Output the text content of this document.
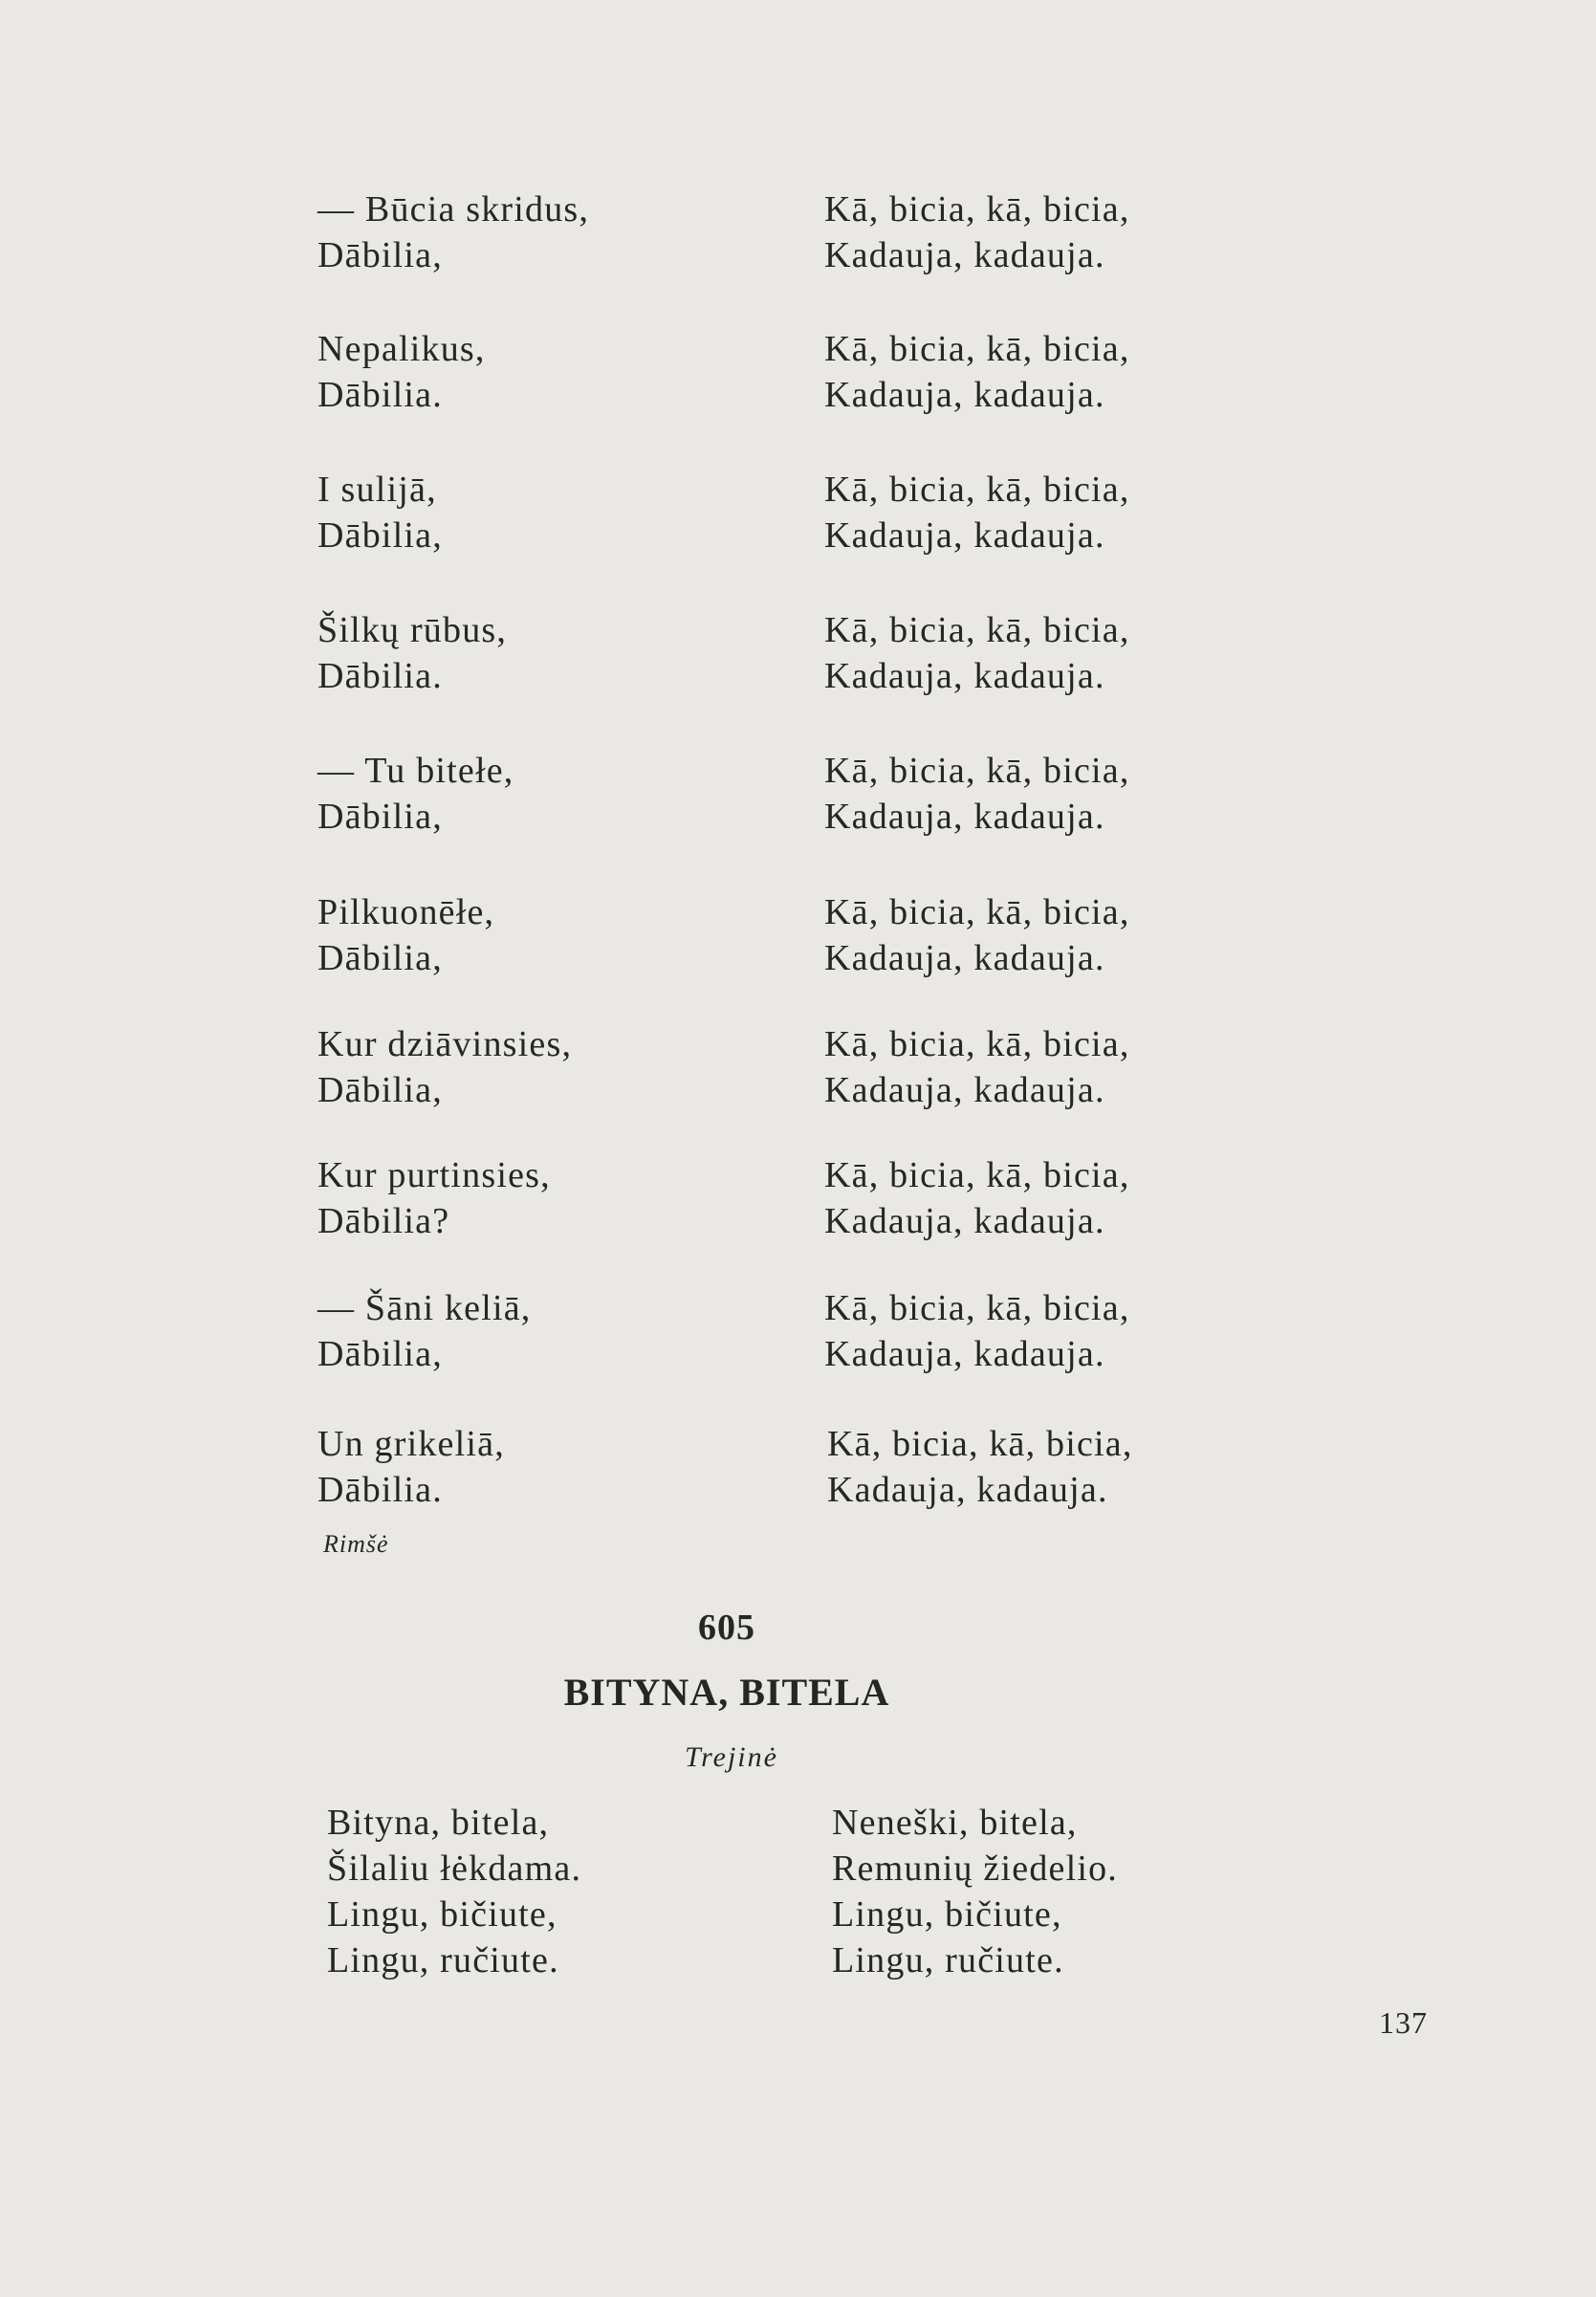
— Būcia skridus,
Dābilia,
Nepalikus,
Dābilia.
I sulijā,
Dābilia,
Šilkų rūbus,
Dābilia.
— Tu bitełe,
Dābilia,
Pilkuonēłe,
Dābilia,
Kur dziāvinsies,
Dābilia,
Kur purtinsies,
Dābilia?
— Šāni keliā,
Dābilia,
Un grikeliā,
Dābilia.
Kā, bicia, kā, bicia,
Kadauja, kadauja.
Kā, bicia, kā, bicia,
Kadauja, kadauja.
Kā, bicia, kā, bicia,
Kadauja, kadauja.
Kā, bicia, kā, bicia,
Kadauja, kadauja.
Kā, bicia, kā, bicia,
Kadauja, kadauja.
Kā, bicia, kā, bicia,
Kadauja, kadauja.
Kā, bicia, kā, bicia,
Kadauja, kadauja.
Kā, bicia, kā, bicia,
Kadauja, kadauja.
Kā, bicia, kā, bicia,
Kadauja, kadauja.
Kā, bicia, kā, bicia,
Kadauja, kadauja.
Rimšė
605
BITYNA, BITELA
Trejinė
Bityna, bitela,
Šilaliu łėkdama.
Lingu, bičiute,
Lingu, ručiute.
Neneški, bitela,
Remunių žiedelio.
Lingu, bičiute,
Lingu, ručiute.
137
